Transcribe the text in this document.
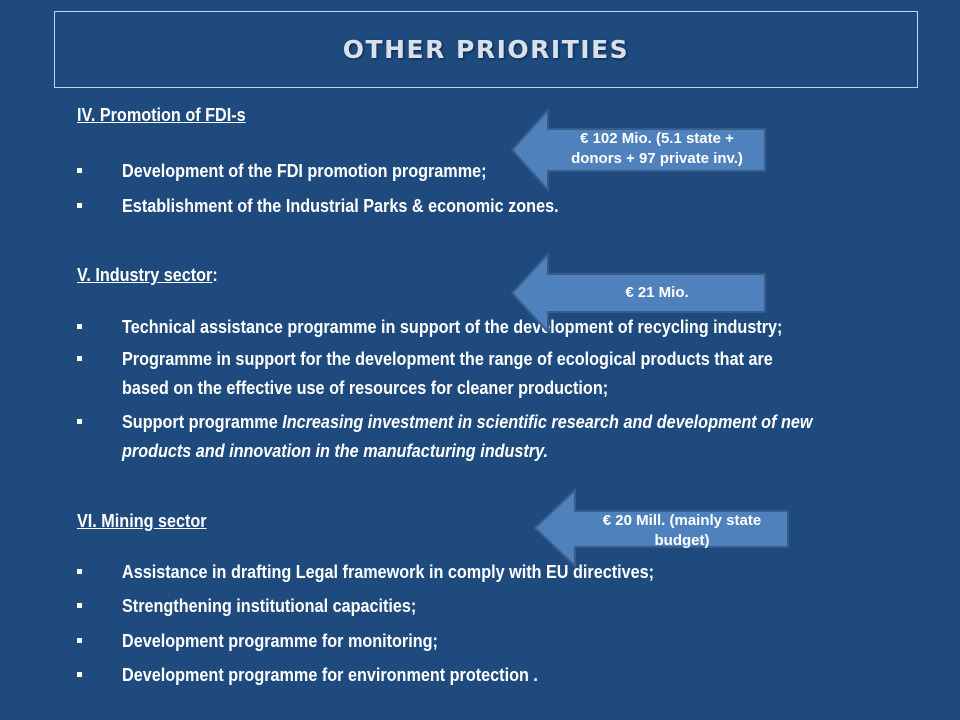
OTHER PRIORITIES
IV. Promotion of FDI-s
Development of the FDI promotion programme;
Establishment of the Industrial Parks & economic zones.
V. Industry sector:
Technical assistance programme in support of the development of recycling industry;
Programme in support for the development the range of ecological products that are
based on the effective use of resources for cleaner production;
Support programme Increasing investment in scientific research and development of new
products and innovation in the manufacturing industry.
VI. Mining sector
Assistance in drafting Legal framework in comply with EU directives;
Strengthening institutional capacities;
Development programme for monitoring;
Development programme for environment protection .
€ 102 Mio. (5.1 state +
donors + 97 private inv.)
€ 21 Mio.
€ 20 Mill. (mainly state
budget)
